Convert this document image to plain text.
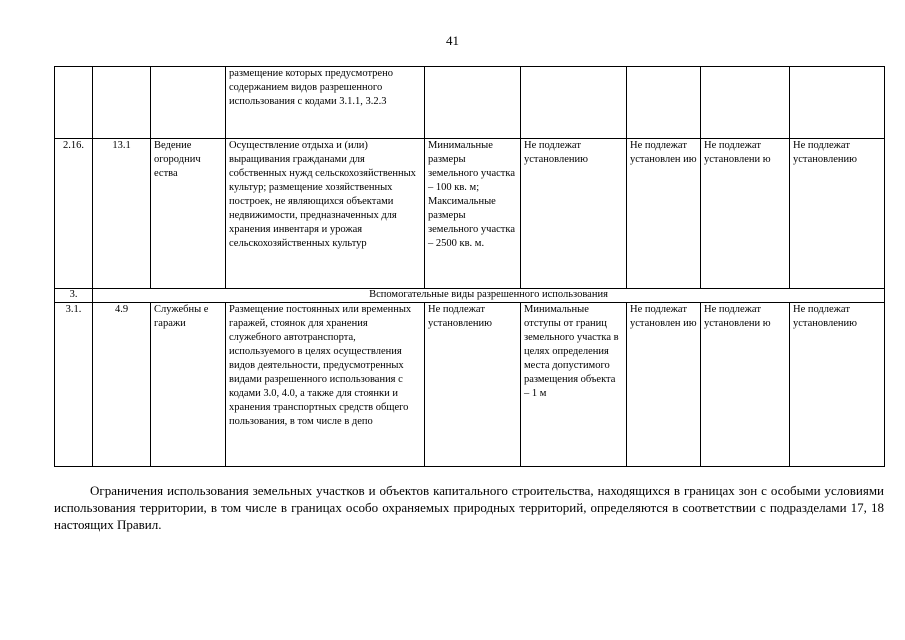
41
			размещение которых предусмотрено содержанием видов разрешенного использования с кодами 3.1.1, 3.2.3					
2.16.	13.1	Ведение огороднич ества	Осуществление отдыха и (или) выращивания гражданами для собственных нужд сельскохозяйственных культур; размещение хозяйственных построек, не являющихся объектами недвижимости, предназначенных для хранения инвентаря и урожая сельскохозяйственных культур	Минимальные размеры земельного участка – 100 кв. м; Максимальные размеры земельного участка – 2500 кв. м.	Не подлежат установлению	Не подлежат установлен ию	Не подлежат установлени ю	Не подлежат установлению
3.	Вспомогательные виды разрешенного использования							
3.1.	4.9	Служебны е гаражи	Размещение постоянных или временных гаражей, стоянок для хранения служебного автотранспорта, используемого в целях осуществления видов деятельности, предусмотренных видами разрешенного использования с кодами 3.0, 4.0, а также для стоянки и хранения транспортных средств общего пользования, в том числе в депо	Не подлежат установлению	Минимальные отступы от границ земельного участка в целях определения места допустимого размещения объекта – 1 м	Не подлежат установлен ию	Не подлежат установлени ю	Не подлежат установлению

Ограничения использования земельных участков и объектов капитального строительства, находящихся в границах зон с особыми условиями использования территории, в том числе в границах особо охраняемых природных территорий, определяются в соответствии с подразделами 17, 18 настоящих Правил.
